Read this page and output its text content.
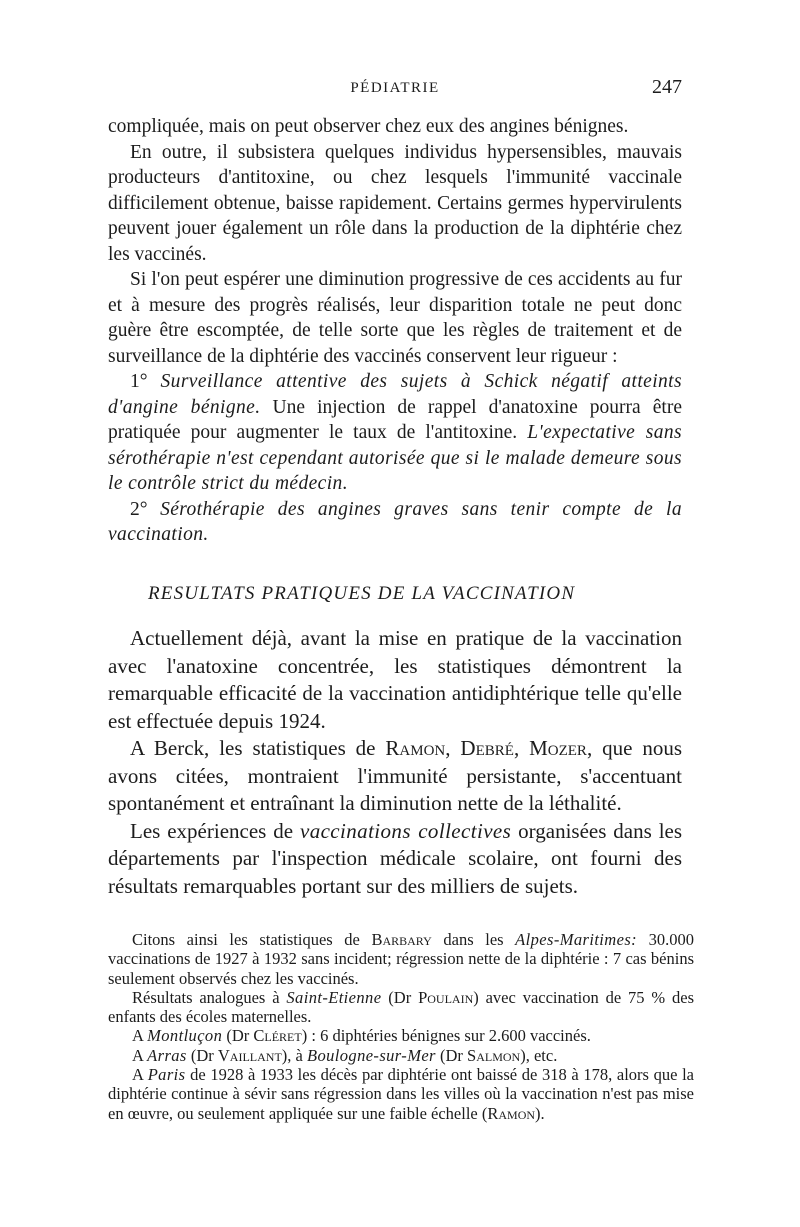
PÉDIATRIE	247

compliquée, mais on peut observer chez eux des angines bénignes.

En outre, il subsistera quelques individus hypersensibles, mauvais producteurs d'antitoxine, ou chez lesquels l'immunité vaccinale difficilement obtenue, baisse rapidement. Certains germes hypervirulents peuvent jouer également un rôle dans la production de la diphtérie chez les vaccinés.

Si l'on peut espérer une diminution progressive de ces accidents au fur et à mesure des progrès réalisés, leur disparition totale ne peut donc guère être escomptée, de telle sorte que les règles de traitement et de surveillance de la diphtérie des vaccinés conservent leur rigueur :

1° Surveillance attentive des sujets à Schick négatif atteints d'angine bénigne. Une injection de rappel d'anatoxine pourra être pratiquée pour augmenter le taux de l'antitoxine. L'expectative sans sérothérapie n'est cependant autorisée que si le malade demeure sous le contrôle strict du médecin.

2° Sérothérapie des angines graves sans tenir compte de la vaccination.

RESULTATS PRATIQUES DE LA VACCINATION

Actuellement déjà, avant la mise en pratique de la vaccination avec l'anatoxine concentrée, les statistiques démontrent la remarquable efficacité de la vaccination antidiphtérique telle qu'elle est effectuée depuis 1924.

A Berck, les statistiques de Ramon, Debré, Mozer, que nous avons citées, montraient l'immunité persistante, s'accentuant spontanément et entraînant la diminution nette de la léthalité.

Les expériences de vaccinations collectives organisées dans les départements par l'inspection médicale scolaire, ont fourni des résultats remarquables portant sur des milliers de sujets.

Citons ainsi les statistiques de Barbary dans les Alpes-Maritimes: 30.000 vaccinations de 1927 à 1932 sans incident; régression nette de la diphtérie : 7 cas bénins seulement observés chez les vaccinés.

Résultats analogues à Saint-Etienne (Dr Poulain) avec vaccination de 75 % des enfants des écoles maternelles.

A Montluçon (Dr Cléret) : 6 diphtéries bénignes sur 2.600 vaccinés.

A Arras (Dr Vaillant), à Boulogne-sur-Mer (Dr Salmon), etc.

A Paris de 1928 à 1933 les décès par diphtérie ont baissé de 318 à 178, alors que la diphtérie continue à sévir sans régression dans les villes où la vaccination n'est pas mise en œuvre, ou seulement appliquée sur une faible échelle (Ramon).
